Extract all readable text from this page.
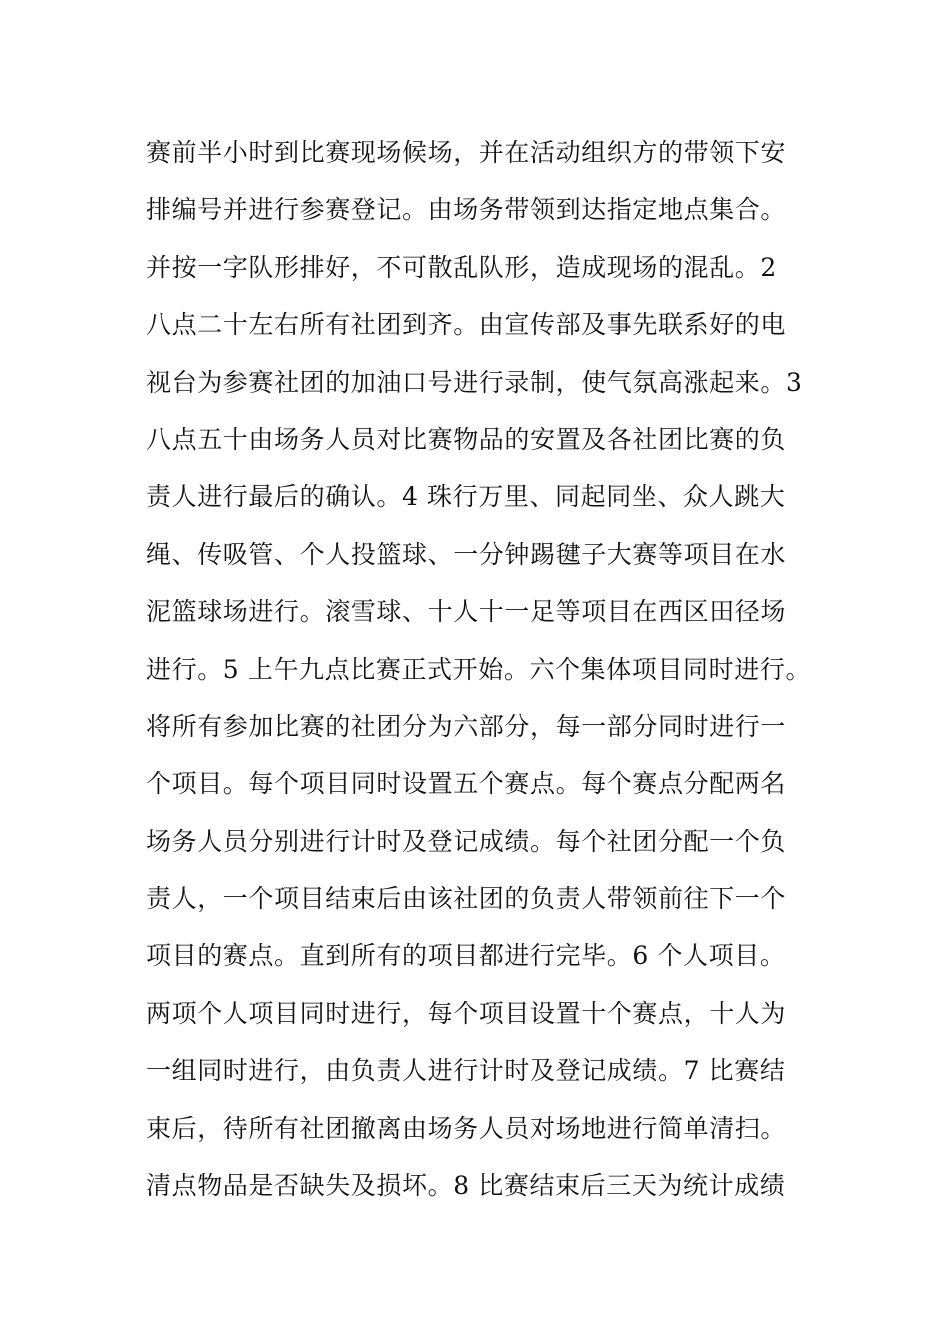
赛前半小时到比赛现场候场，并在活动组织方的带领下安
排编号并进行参赛登记。由场务带领到达指定地点集合。
并按一字队形排好，不可散乱队形，造成现场的混乱。2
八点二十左右所有社团到齐。由宣传部及事先联系好的电
视台为参赛社团的加油口号进行录制，使气氛高涨起来。3
八点五十由场务人员对比赛物品的安置及各社团比赛的负
责人进行最后的确认。4 珠行万里、同起同坐、众人跳大
绳、传吸管、个人投篮球、一分钟踢毽子大赛等项目在水
泥篮球场进行。滚雪球、十人十一足等项目在西区田径场
进行。5 上午九点比赛正式开始。六个集体项目同时进行。
将所有参加比赛的社团分为六部分，每一部分同时进行一
个项目。每个项目同时设置五个赛点。每个赛点分配两名
场务人员分别进行计时及登记成绩。每个社团分配一个负
责人，一个项目结束后由该社团的负责人带领前往下一个
项目的赛点。直到所有的项目都进行完毕。6 个人项目。
两项个人项目同时进行，每个项目设置十个赛点，十人为
一组同时进行，由负责人进行计时及登记成绩。7 比赛结
束后，待所有社团撤离由场务人员对场地进行简单清扫。
清点物品是否缺失及损坏。8 比赛结束后三天为统计成绩
